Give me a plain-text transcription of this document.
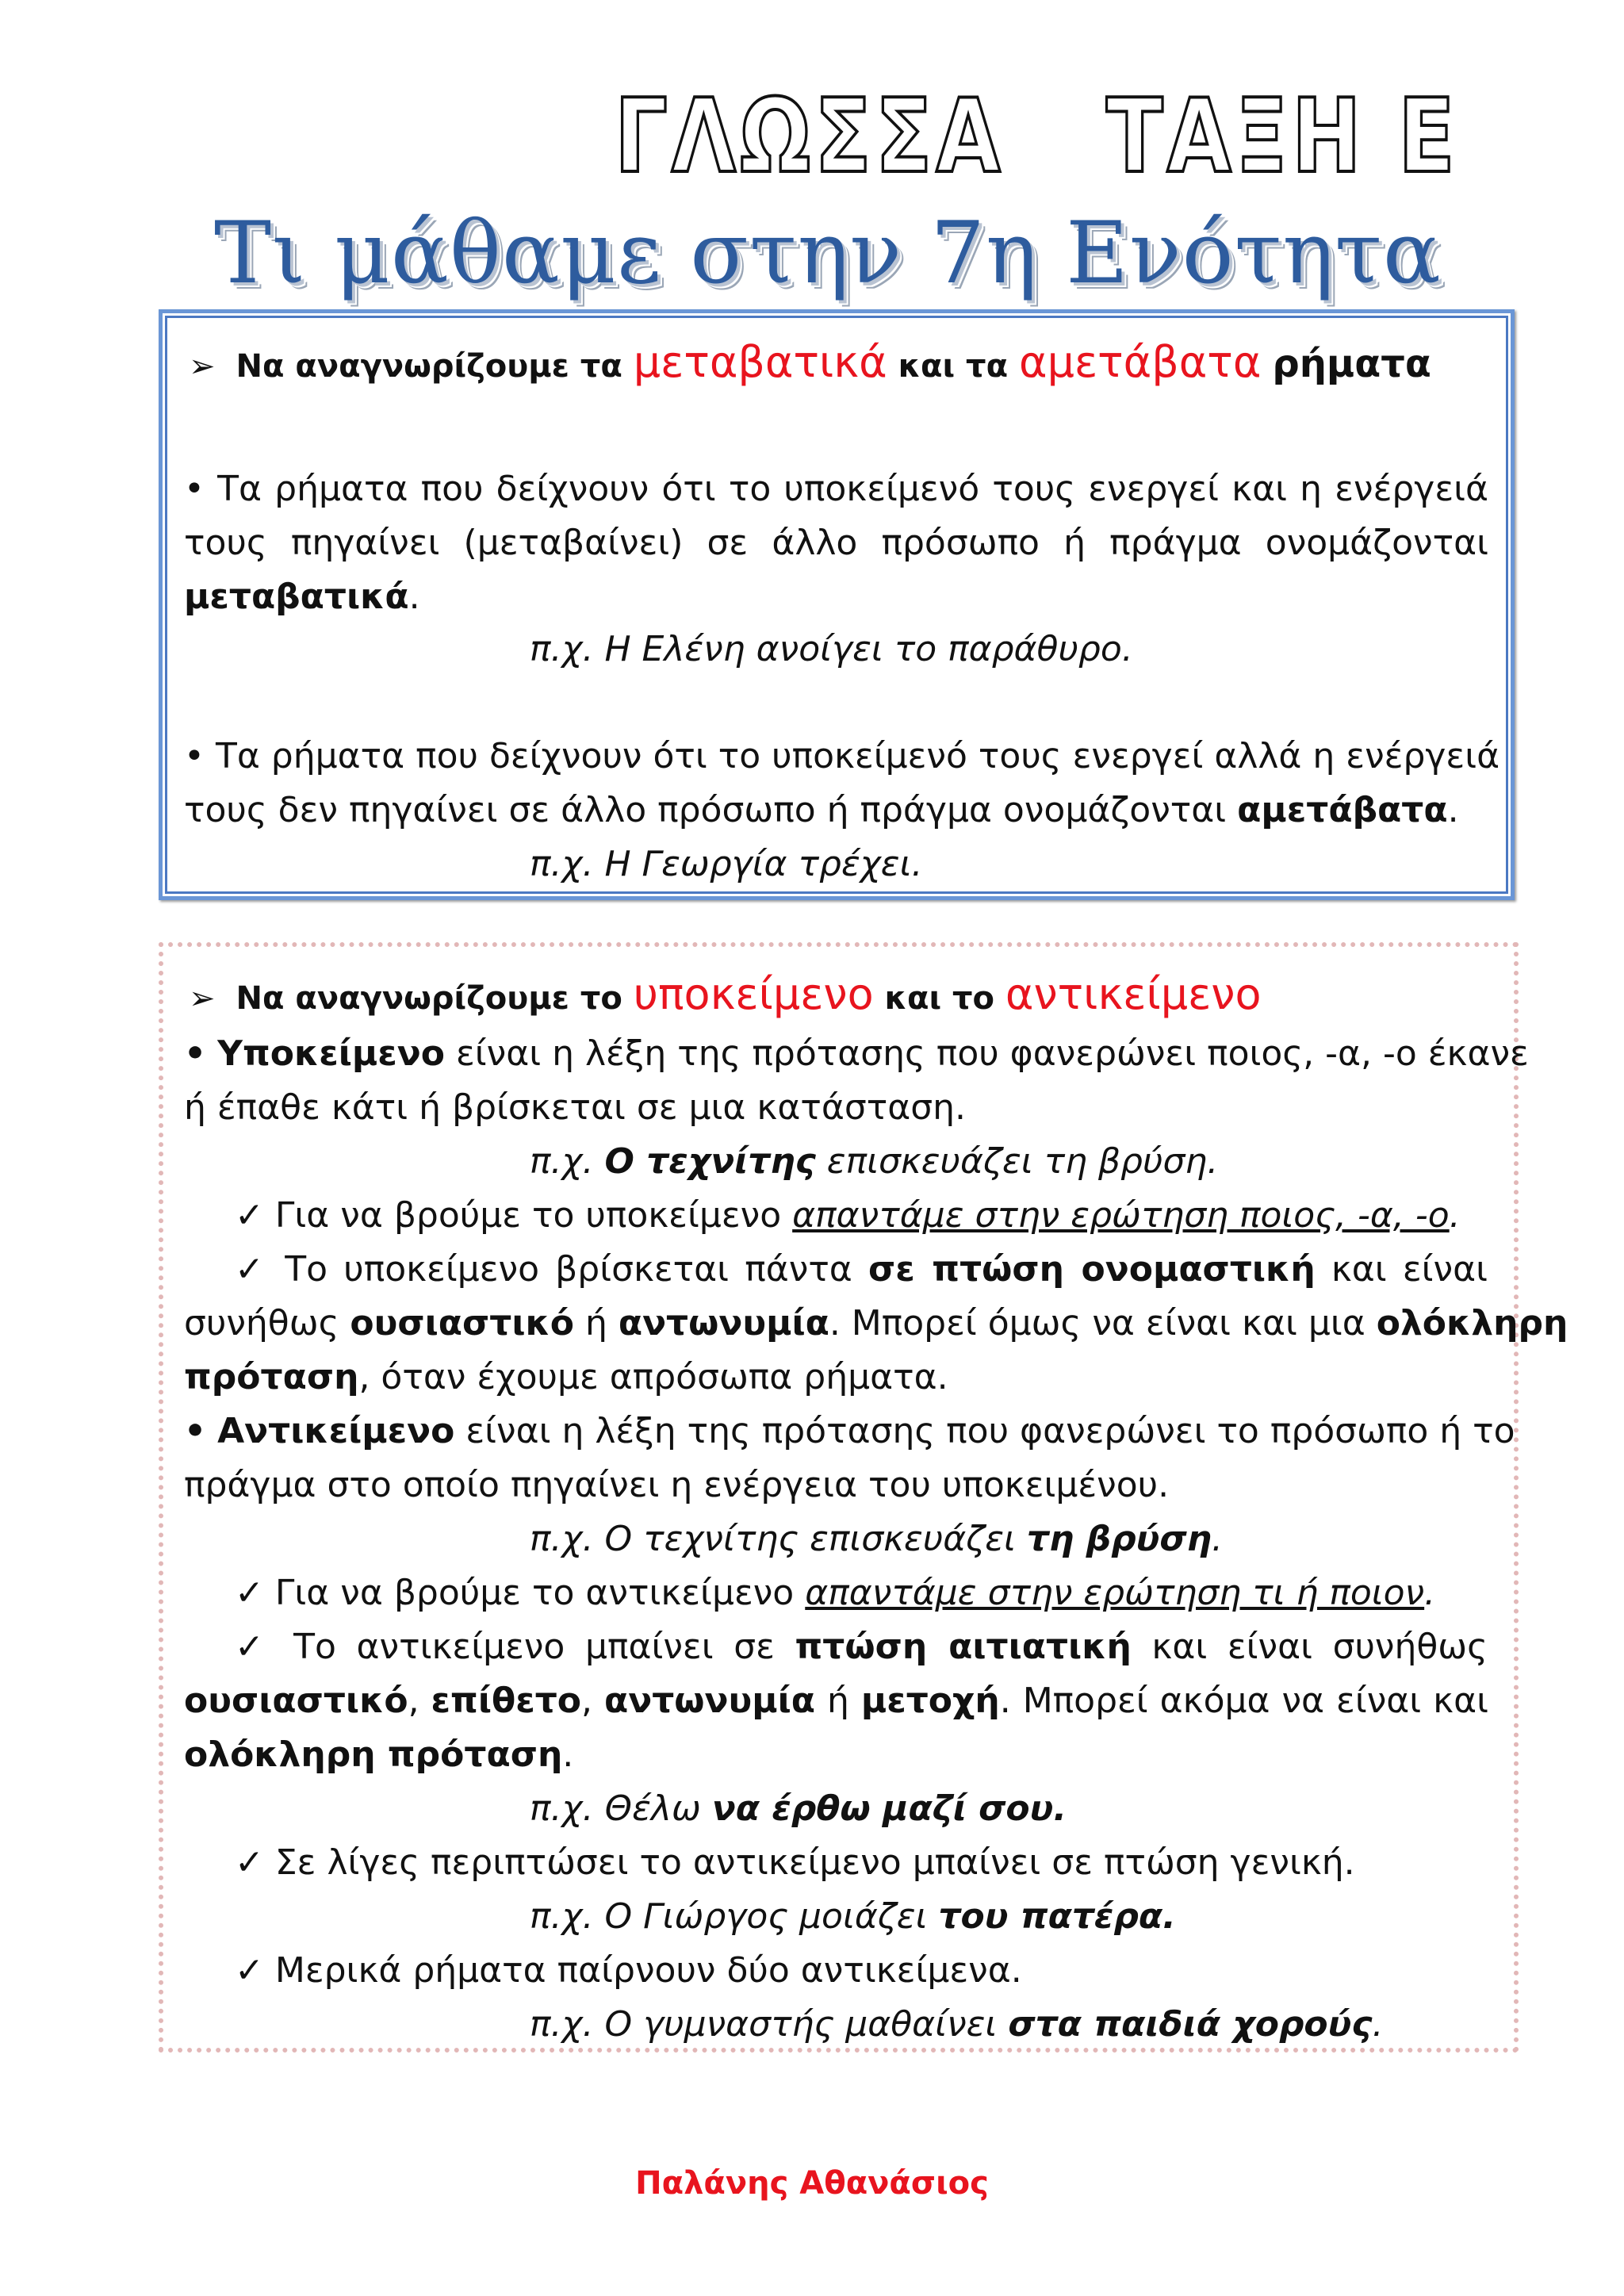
ΓΛΩΣΣΑ ΤΑΞΗ Ε
Τι μάθαμε στην 7η Ενότητα
➢ Να αναγνωρίζουμε τα μεταβατικά και τα αμετάβατα ρήματα
• Τα ρήματα που δείχνουν ότι το υποκείμενό τους ενεργεί και η ενέργειά
τους πηγαίνει (μεταβαίνει) σε άλλο πρόσωπο ή πράγμα ονομάζονται
μεταβατικά.
π.χ. Η Ελένη ανοίγει το παράθυρο.
• Τα ρήματα που δείχνουν ότι το υποκείμενό τους ενεργεί αλλά η ενέργειά
τους δεν πηγαίνει σε άλλο πρόσωπο ή πράγμα ονομάζονται αμετάβατα.
π.χ. Η Γεωργία τρέχει.
➢ Να αναγνωρίζουμε το υποκείμενο και το αντικείμενο
• Υποκείμενο είναι η λέξη της πρότασης που φανερώνει ποιος, -α, -ο έκανε
ή έπαθε κάτι ή βρίσκεται σε μια κατάσταση.
π.χ. Ο τεχνίτης επισκευάζει τη βρύση.
✓ Για να βρούμε το υποκείμενο απαντάμε στην ερώτηση ποιος, -α, -ο.
✓ Το υποκείμενο βρίσκεται πάντα σε πτώση ονομαστική και είναι
συνήθως ουσιαστικό ή αντωνυμία. Μπορεί όμως να είναι και μια ολόκληρη
πρόταση, όταν έχουμε απρόσωπα ρήματα.
• Αντικείμενο είναι η λέξη της πρότασης που φανερώνει το πρόσωπο ή το
πράγμα στο οποίο πηγαίνει η ενέργεια του υποκειμένου.
π.χ. Ο τεχνίτης επισκευάζει τη βρύση.
✓ Για να βρούμε το αντικείμενο απαντάμε στην ερώτηση τι ή ποιον.
✓ Το αντικείμενο μπαίνει σε πτώση αιτιατική και είναι συνήθως
ουσιαστικό, επίθετο, αντωνυμία ή μετοχή. Μπορεί ακόμα να είναι και
ολόκληρη πρόταση.
π.χ. Θέλω να έρθω μαζί σου.
✓ Σε λίγες περιπτώσει το αντικείμενο μπαίνει σε πτώση γενική.
π.χ. Ο Γιώργος μοιάζει του πατέρα.
✓ Μερικά ρήματα παίρνουν δύο αντικείμενα.
π.χ. Ο γυμναστής μαθαίνει στα παιδιά χορούς.
Παλάνης Αθανάσιος
